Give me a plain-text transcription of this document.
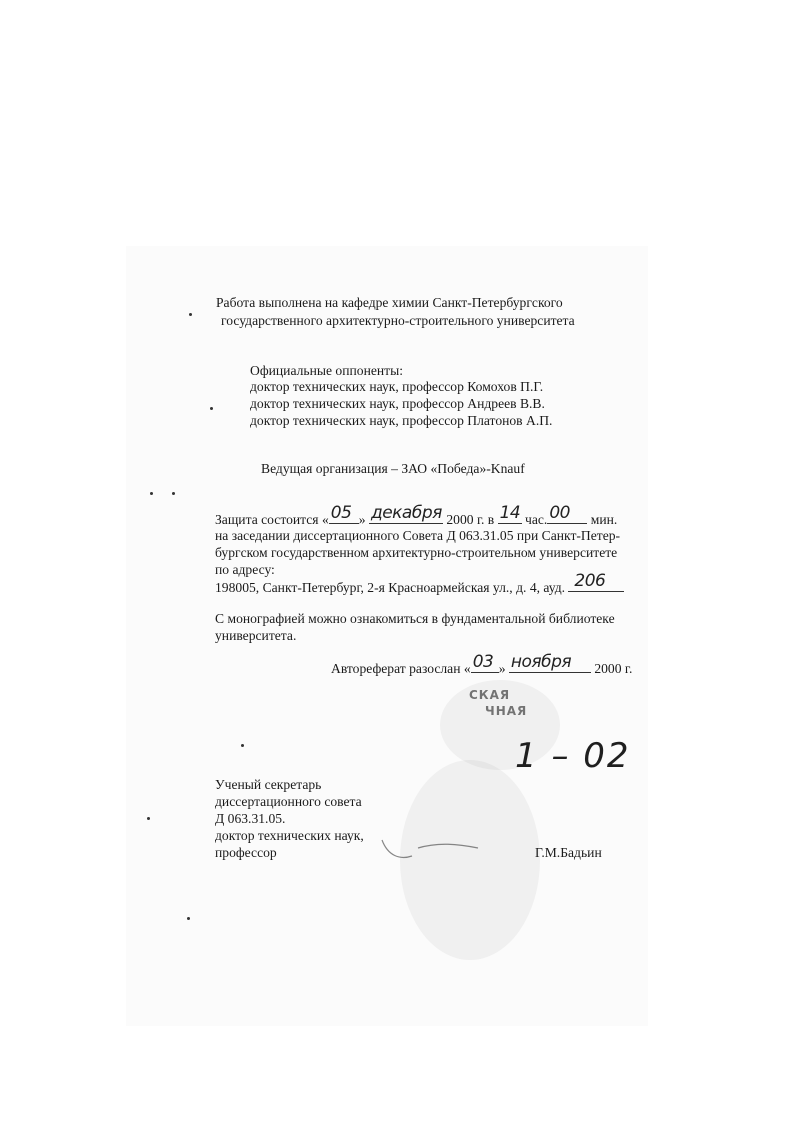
Работа выполнена на кафедре химии Санкт-Петербургского
государственного архитектурно-строительного университета
Официальные оппоненты:
доктор технических наук, профессор Комохов П.Г.
доктор технических наук, профессор Андреев В.В.
доктор технических наук, профессор Платонов А.П.
Ведущая организация – ЗАО «Победа»-Knauf
Защита состоится « 05 » декабря 2000 г. в 14 час. 00 мин.
на заседании диссертационного Совета Д 063.31.05 при Санкт-Петер-
бургском государственном архитектурно-строительном университете
по адресу:
198005, Санкт-Петербург, 2-я Красноармейская ул., д. 4, ауд. 206
С монографией можно ознакомиться в фундаментальной библиотеке
университета.
Автореферат разослан « 03 » ноября 2000 г.
СКАЯ
ЧНАЯ
1 – 02
Ученый секретарь
диссертационного совета
Д 063.31.05.
доктор технических наук,
профессор	Г.М.Бадьин
